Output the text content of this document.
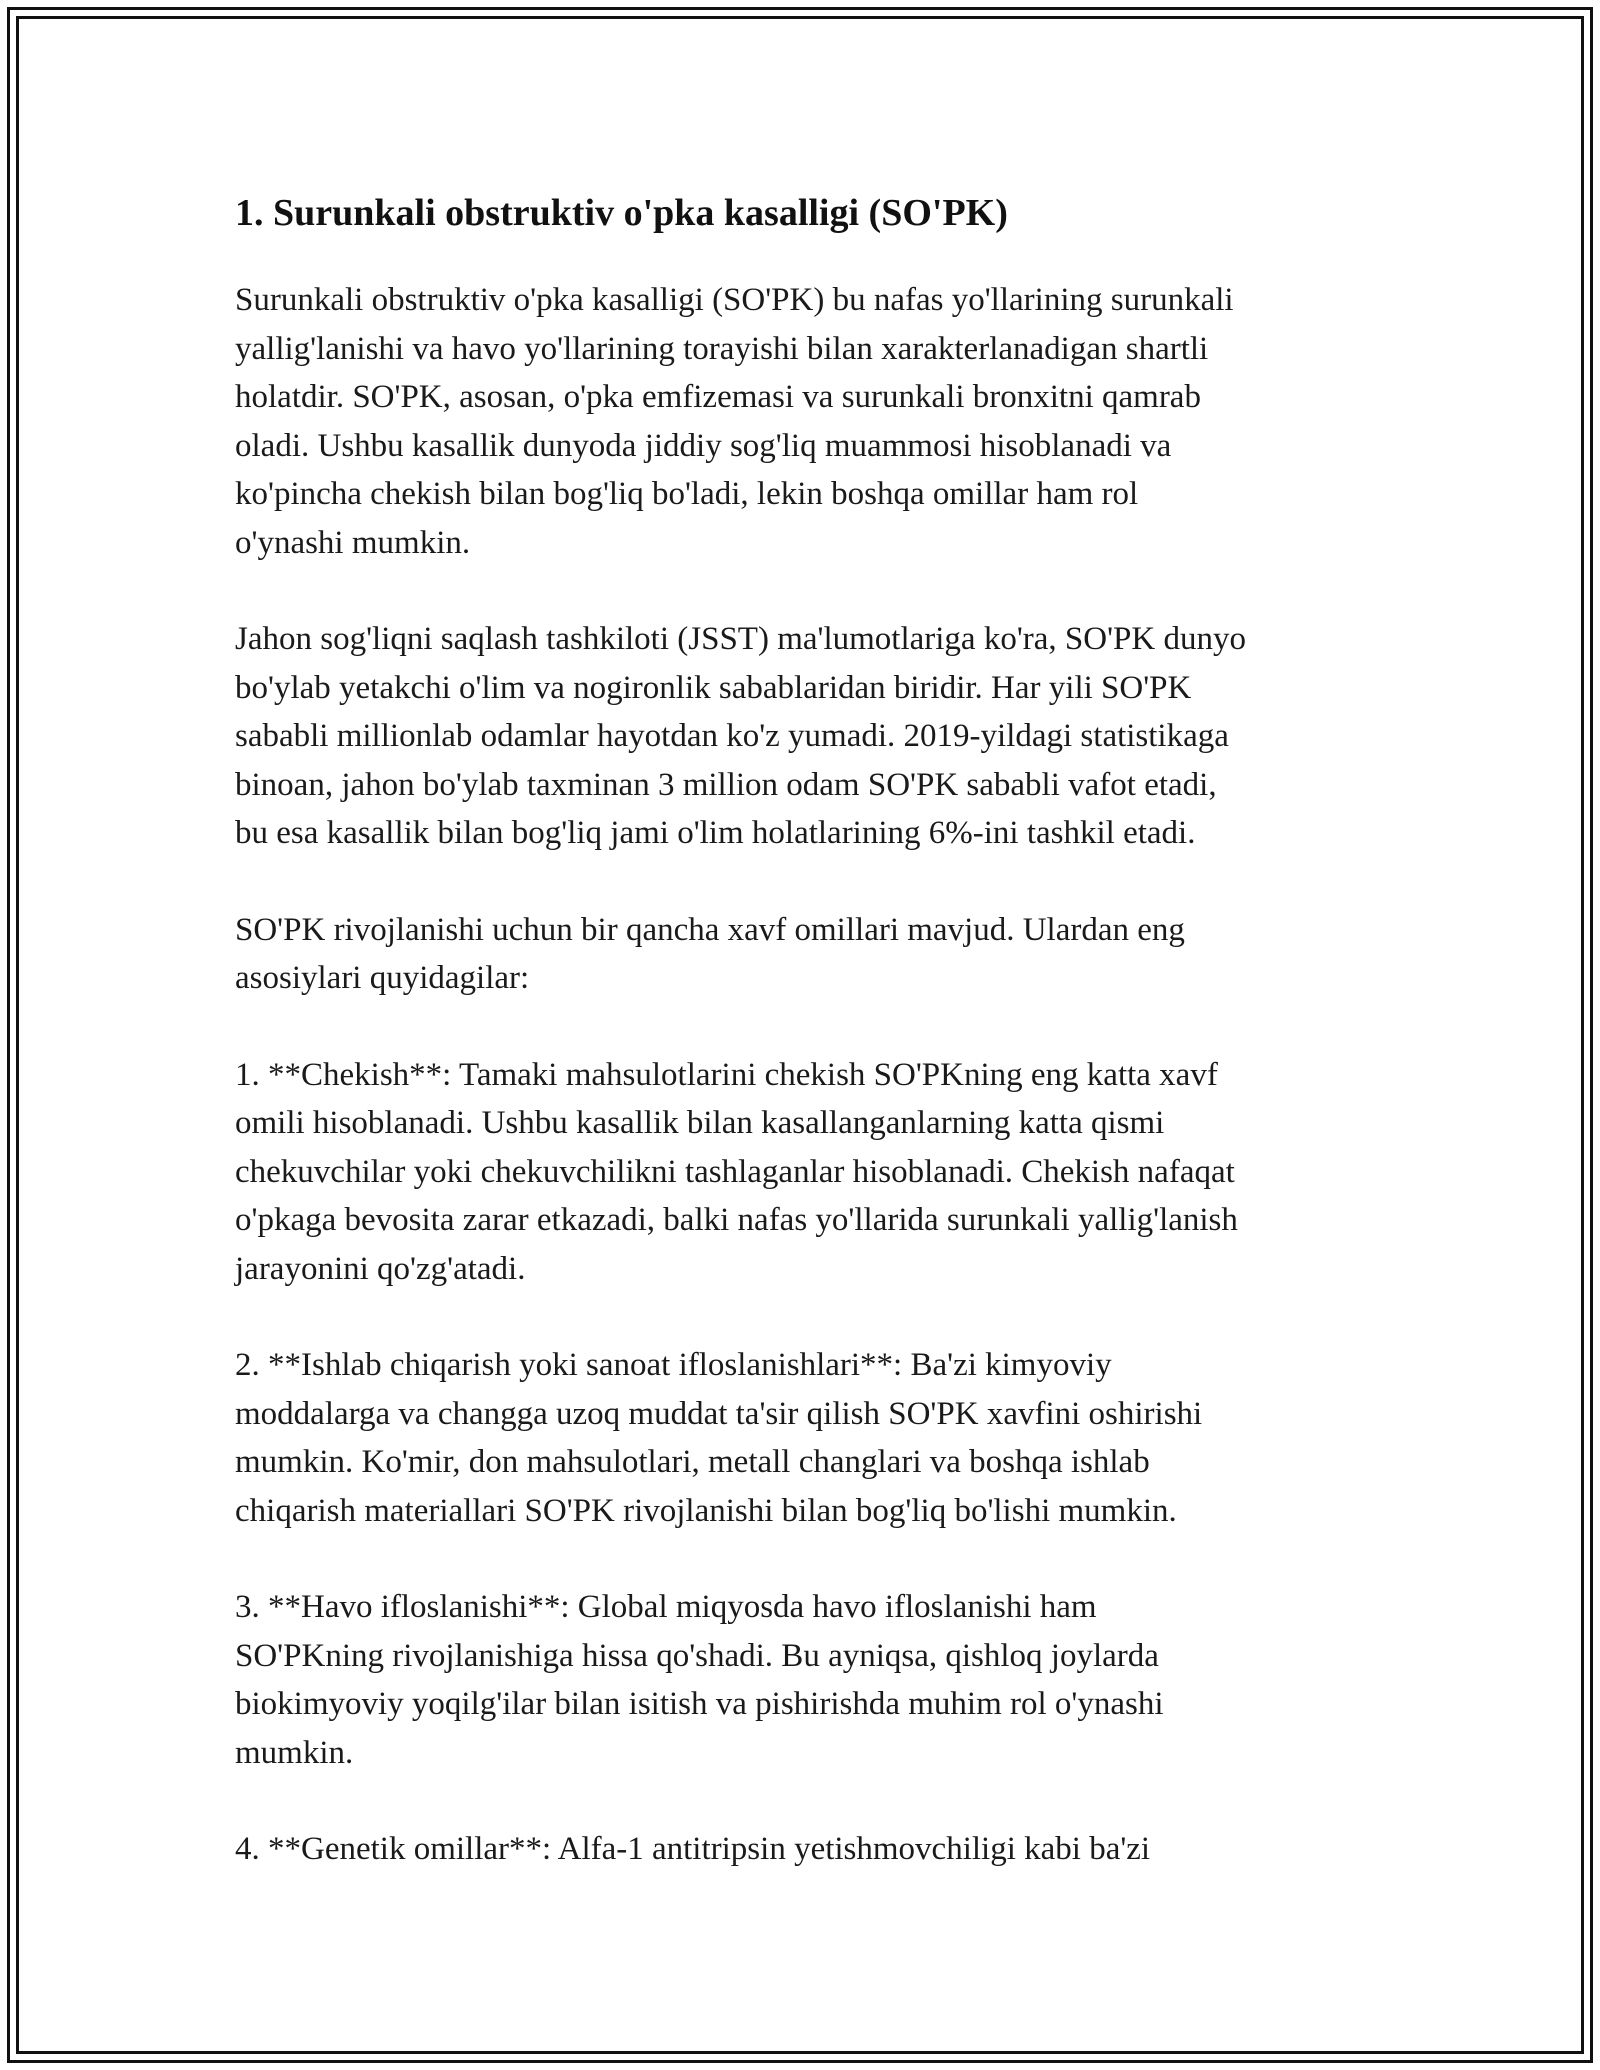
1. Surunkali obstruktiv o'pka kasalligi (SO'PK)

Surunkali obstruktiv o'pka kasalligi (SO'PK) bu nafas yo'llarining surunkali
yallig'lanishi va havo yo'llarining torayishi bilan xarakterlanadigan shartli
holatdir. SO'PK, asosan, o'pka emfizemasi va surunkali bronxitni qamrab
oladi. Ushbu kasallik dunyoda jiddiy sog'liq muammosi hisoblanadi va
ko'pincha chekish bilan bog'liq bo'ladi, lekin boshqa omillar ham rol
o'ynashi mumkin.

Jahon sog'liqni saqlash tashkiloti (JSST) ma'lumotlariga ko'ra, SO'PK dunyo
bo'ylab yetakchi o'lim va nogironlik sabablaridan biridir. Har yili SO'PK
sababli millionlab odamlar hayotdan ko'z yumadi. 2019-yildagi statistikaga
binoan, jahon bo'ylab taxminan 3 million odam SO'PK sababli vafot etadi,
bu esa kasallik bilan bog'liq jami o'lim holatlarining 6%-ini tashkil etadi.

SO'PK rivojlanishi uchun bir qancha xavf omillari mavjud. Ulardan eng
asosiylari quyidagilar:

1. **Chekish**: Tamaki mahsulotlarini chekish SO'PKning eng katta xavf
omili hisoblanadi. Ushbu kasallik bilan kasallanganlarning katta qismi
chekuvchilar yoki chekuvchilikni tashlaganlar hisoblanadi. Chekish nafaqat
o'pkaga bevosita zarar etkazadi, balki nafas yo'llarida surunkali yallig'lanish
jarayonini qo'zg'atadi.

2. **Ishlab chiqarish yoki sanoat ifloslanishlari**: Ba'zi kimyoviy
moddalarga va changga uzoq muddat ta'sir qilish SO'PK xavfini oshirishi
mumkin. Ko'mir, don mahsulotlari, metall changlari va boshqa ishlab
chiqarish materiallari SO'PK rivojlanishi bilan bog'liq bo'lishi mumkin.

3. **Havo ifloslanishi**: Global miqyosda havo ifloslanishi ham
SO'PKning rivojlanishiga hissa qo'shadi. Bu ayniqsa, qishloq joylarda
biokimyoviy yoqilg'ilar bilan isitish va pishirishda muhim rol o'ynashi
mumkin.

4. **Genetik omillar**: Alfa-1 antitripsin yetishmovchiligi kabi ba'zi
